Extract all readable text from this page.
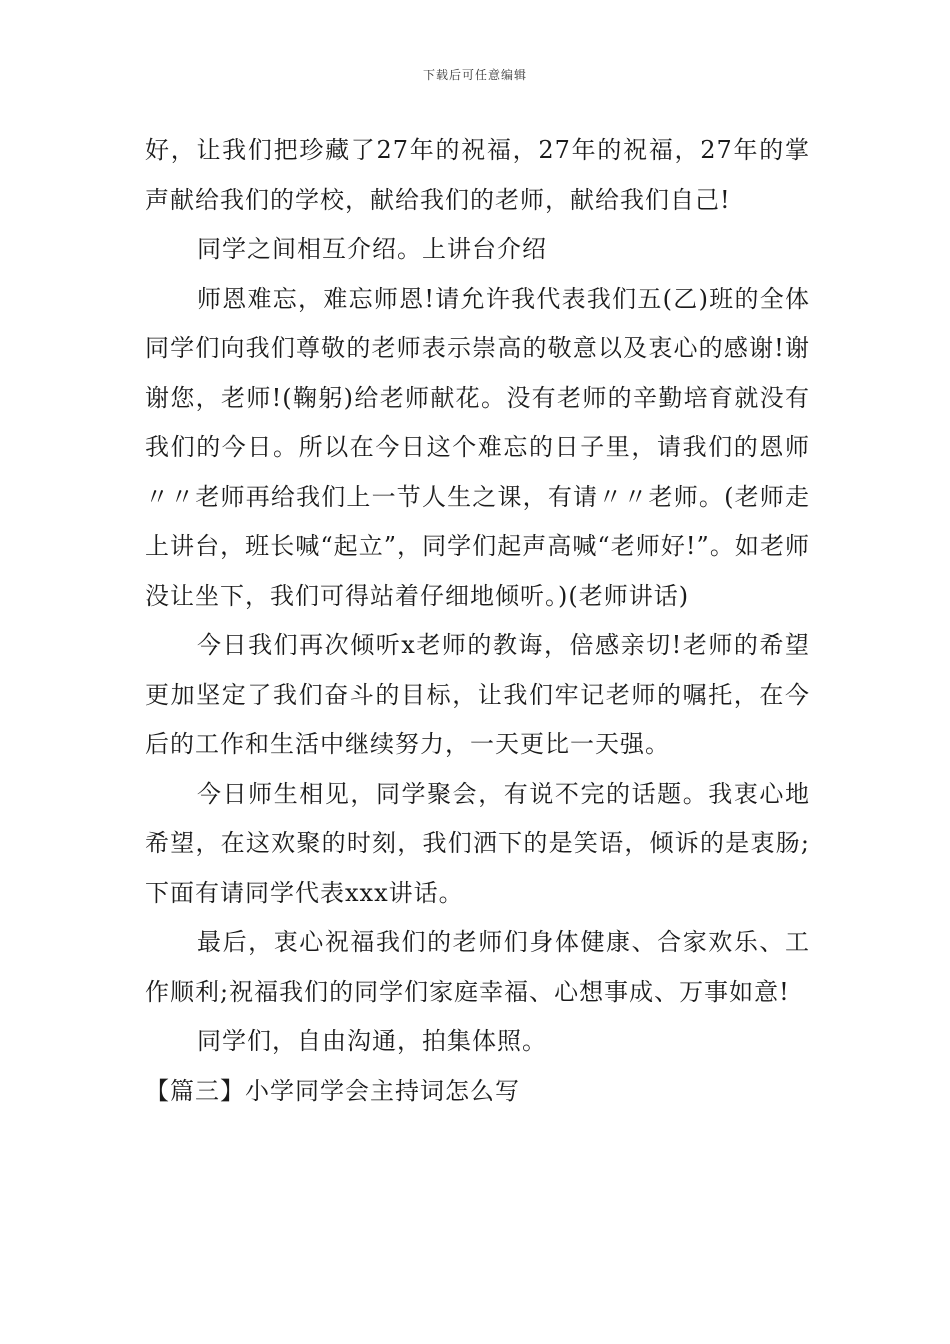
下载后可任意编辑

好，让我们把珍藏了27年的祝福，27年的祝福，27年的掌声献给我们的学校，献给我们的老师，献给我们自己!

同学之间相互介绍。上讲台介绍

师恩难忘，难忘师恩!请允许我代表我们五(乙)班的全体同学们向我们尊敬的老师表示崇高的敬意以及衷心的感谢!谢谢您，老师!(鞠躬)给老师献花。没有老师的辛勤培育就没有我们的今日。所以在今日这个难忘的日子里，请我们的恩师〃〃老师再给我们上一节人生之课，有请〃〃老师。(老师走上讲台，班长喊“起立”，同学们起声高喊“老师好!”。如老师没让坐下，我们可得站着仔细地倾听。)(老师讲话)

今日我们再次倾听x老师的教诲，倍感亲切!老师的希望更加坚定了我们奋斗的目标，让我们牢记老师的嘱托，在今后的工作和生活中继续努力，一天更比一天强。

今日师生相见，同学聚会，有说不完的话题。我衷心地希望，在这欢聚的时刻，我们洒下的是笑语，倾诉的是衷肠;下面有请同学代表xxx讲话。

最后，衷心祝福我们的老师们身体健康、合家欢乐、工作顺利;祝福我们的同学们家庭幸福、心想事成、万事如意!

同学们，自由沟通，拍集体照。

【篇三】小学同学会主持词怎么写
